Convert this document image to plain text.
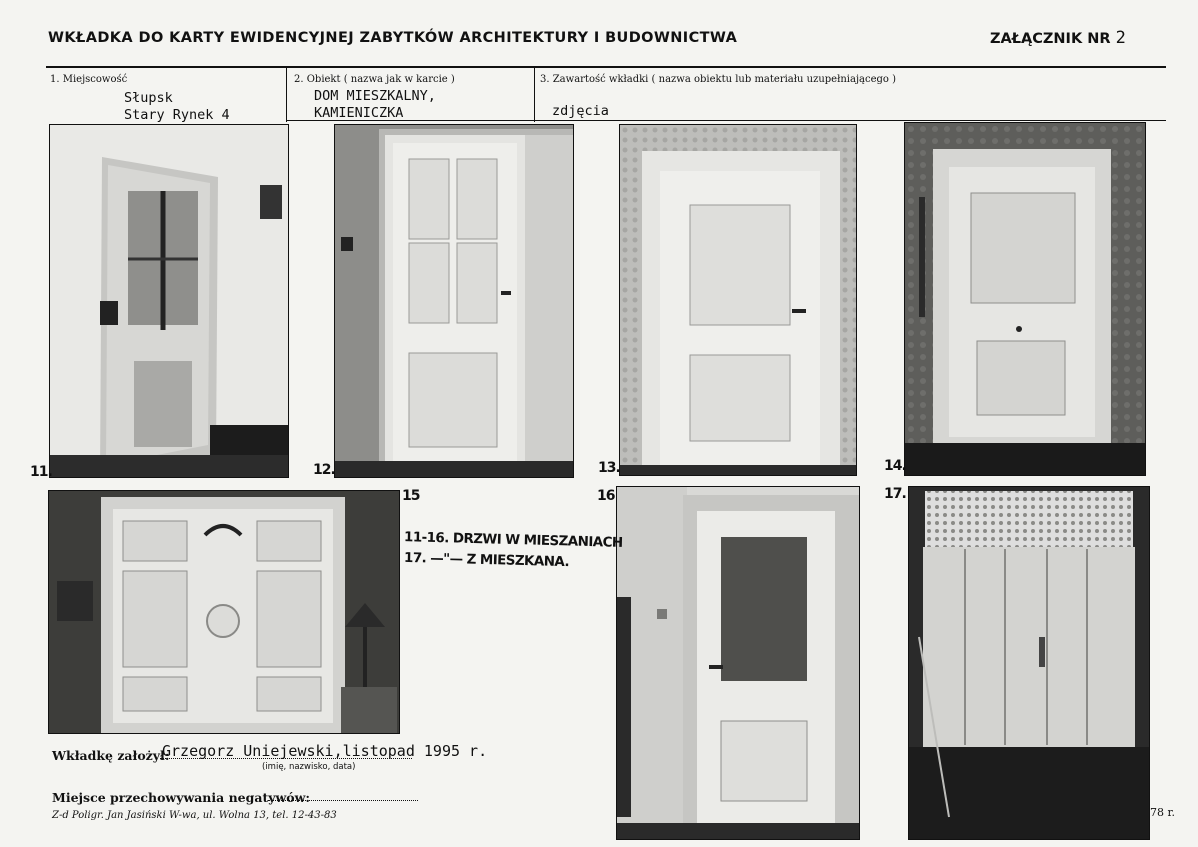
WKŁADKA DO KARTY EWIDENCYJNEJ ZABYTKÓW ARCHITEKTURY I BUDOWNICTWA	ZAŁĄCZNIK NR 2
1. Miejscowość
Słupsk
Stary Rynek 4
2. Obiekt ( nazwa jak w karcie )
DOM MIESZKALNY,
KAMIENICZKA
3. Zawartość wkładki ( nazwa obiektu lub materiału uzupełniającego )
zdjęcia
11.	12.	13.	14.
15	16	17.
11-16. DRZWI W MIESZANIACH
17. —"— Z MIESZKANA.
Wkładkę założył:
Grzegorz Uniejewski,listopad 1995 r.
(imię, nazwisko, data)
Miejsce przechowywania negatywów:
Z-d Poligr. Jan Jasiński W-wa, ul. Wolna 13, tel. 12-43-83	78 r.
